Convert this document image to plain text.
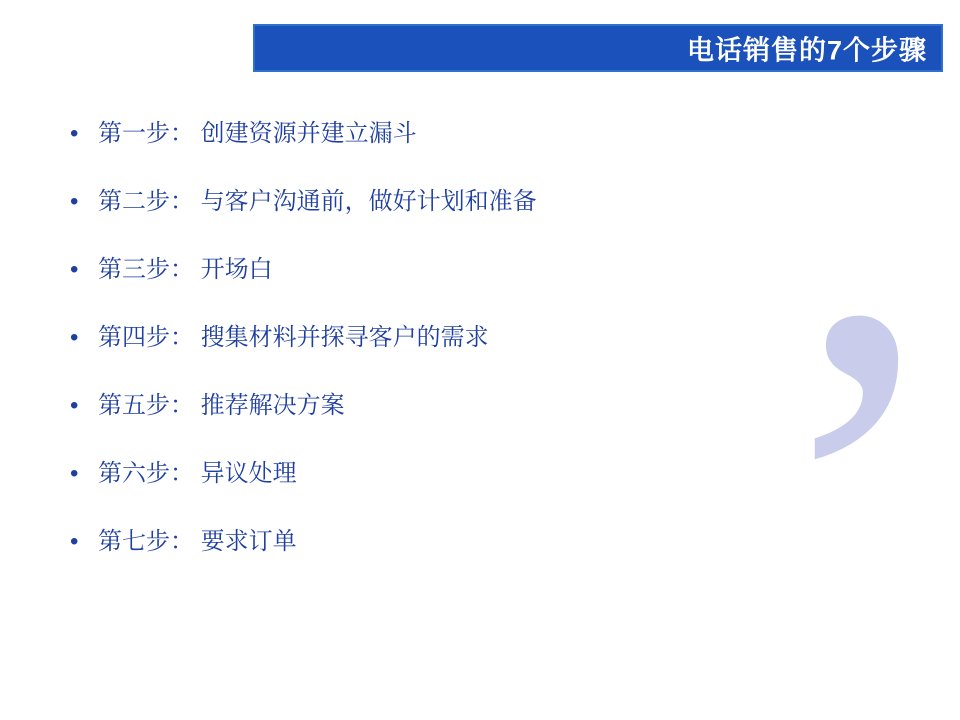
’
电话销售的7个步骤
• 第一步： 创建资源并建立漏斗
• 第二步： 与客户沟通前，做好计划和准备
• 第三步： 开场白
• 第四步： 搜集材料并探寻客户的需求
• 第五步： 推荐解决方案
• 第六步： 异议处理
• 第七步： 要求订单
